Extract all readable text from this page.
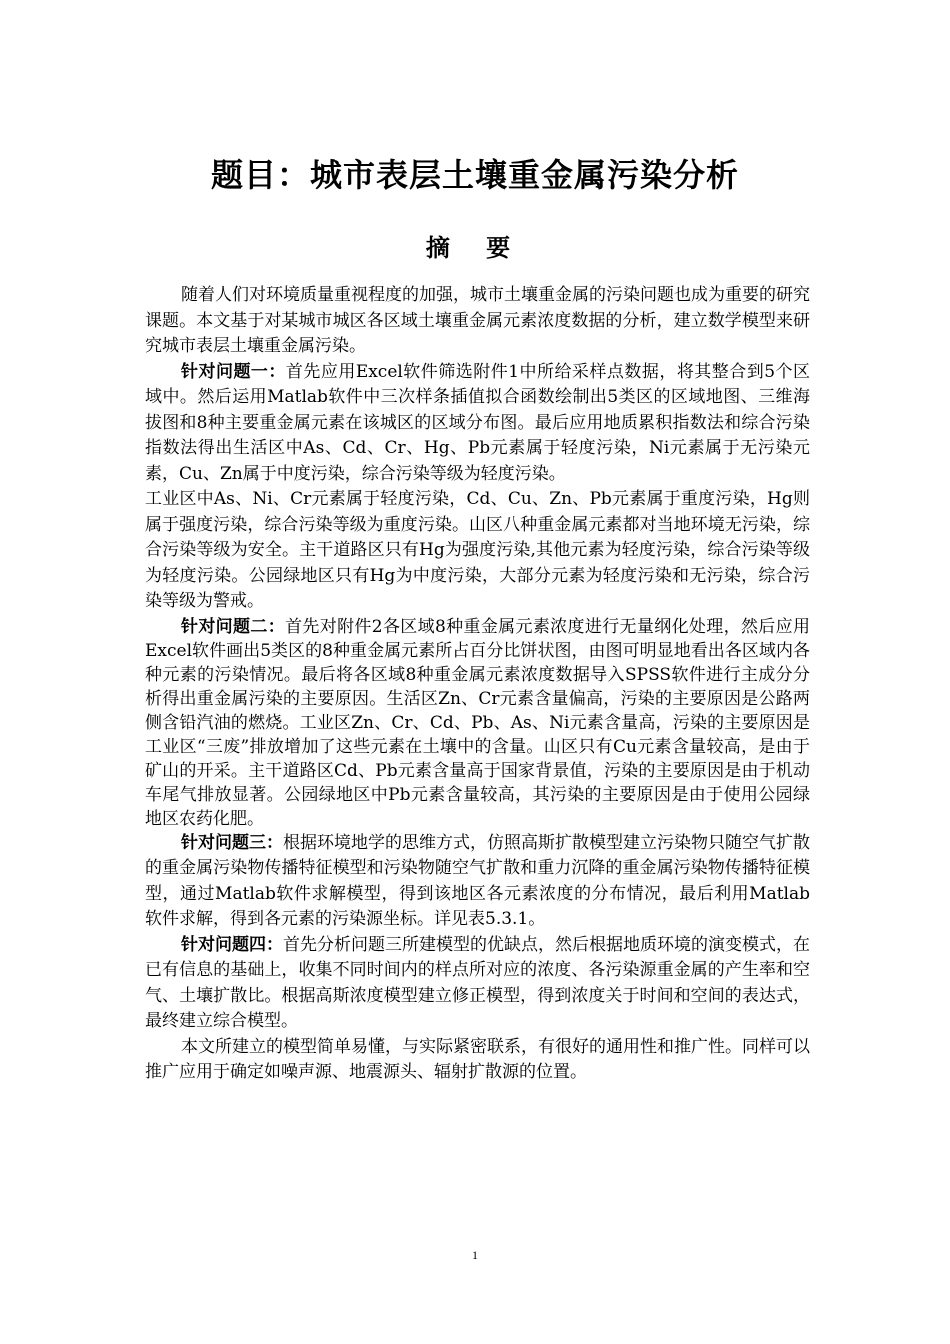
题目：城市表层土壤重金属污染分析
摘 要

随着人们对环境质量重视程度的加强，城市土壤重金属的污染问题也成为重要的研究课题。本文基于对某城市城区各区域土壤重金属元素浓度数据的分析，建立数学模型来研究城市表层土壤重金属污染。

针对问题一：首先应用Excel软件筛选附件1中所给采样点数据，将其整合到5个区域中。然后运用Matlab软件中三次样条插值拟合函数绘制出5类区的区域地图、三维海拔图和8种主要重金属元素在该城区的区域分布图。最后应用地质累积指数法和综合污染指数法得出生活区中As、Cd、Cr、Hg、Pb元素属于轻度污染，Ni元素属于无污染元素，Cu、Zn属于中度污染，综合污染等级为轻度污染。

工业区中As、Ni、Cr元素属于轻度污染，Cd、Cu、Zn、Pb元素属于重度污染，Hg则属于强度污染，综合污染等级为重度污染。山区八种重金属元素都对当地环境无污染，综合污染等级为安全。主干道路区只有Hg为强度污染,其他元素为轻度污染，综合污染等级为轻度污染。公园绿地区只有Hg为中度污染，大部分元素为轻度污染和无污染，综合污染等级为警戒。

针对问题二：首先对附件2各区域8种重金属元素浓度进行无量纲化处理，然后应用Excel软件画出5类区的8种重金属元素所占百分比饼状图，由图可明显地看出各区域内各种元素的污染情况。最后将各区域8种重金属元素浓度数据导入SPSS软件进行主成分分析得出重金属污染的主要原因。生活区Zn、Cr元素含量偏高，污染的主要原因是公路两侧含铅汽油的燃烧。工业区Zn、Cr、Cd、Pb、As、Ni元素含量高，污染的主要原因是工业区“三废”排放增加了这些元素在土壤中的含量。山区只有Cu元素含量较高，是由于矿山的开采。主干道路区Cd、Pb元素含量高于国家背景值，污染的主要原因是由于机动车尾气排放显著。公园绿地区中Pb元素含量较高，其污染的主要原因是由于使用公园绿地区农药化肥。

针对问题三：根据环境地学的思维方式，仿照高斯扩散模型建立污染物只随空气扩散的重金属污染物传播特征模型和污染物随空气扩散和重力沉降的重金属污染物传播特征模型，通过Matlab软件求解模型，得到该地区各元素浓度的分布情况，最后利用Matlab软件求解，得到各元素的污染源坐标。详见表5.3.1。

针对问题四：首先分析问题三所建模型的优缺点，然后根据地质环境的演变模式，在已有信息的基础上，收集不同时间内的样点所对应的浓度、各污染源重金属的产生率和空气、土壤扩散比。根据高斯浓度模型建立修正模型，得到浓度关于时间和空间的表达式，最终建立综合模型。

本文所建立的模型简单易懂，与实际紧密联系，有很好的通用性和推广性。同样可以推广应用于确定如噪声源、地震源头、辐射扩散源的位置。

1
